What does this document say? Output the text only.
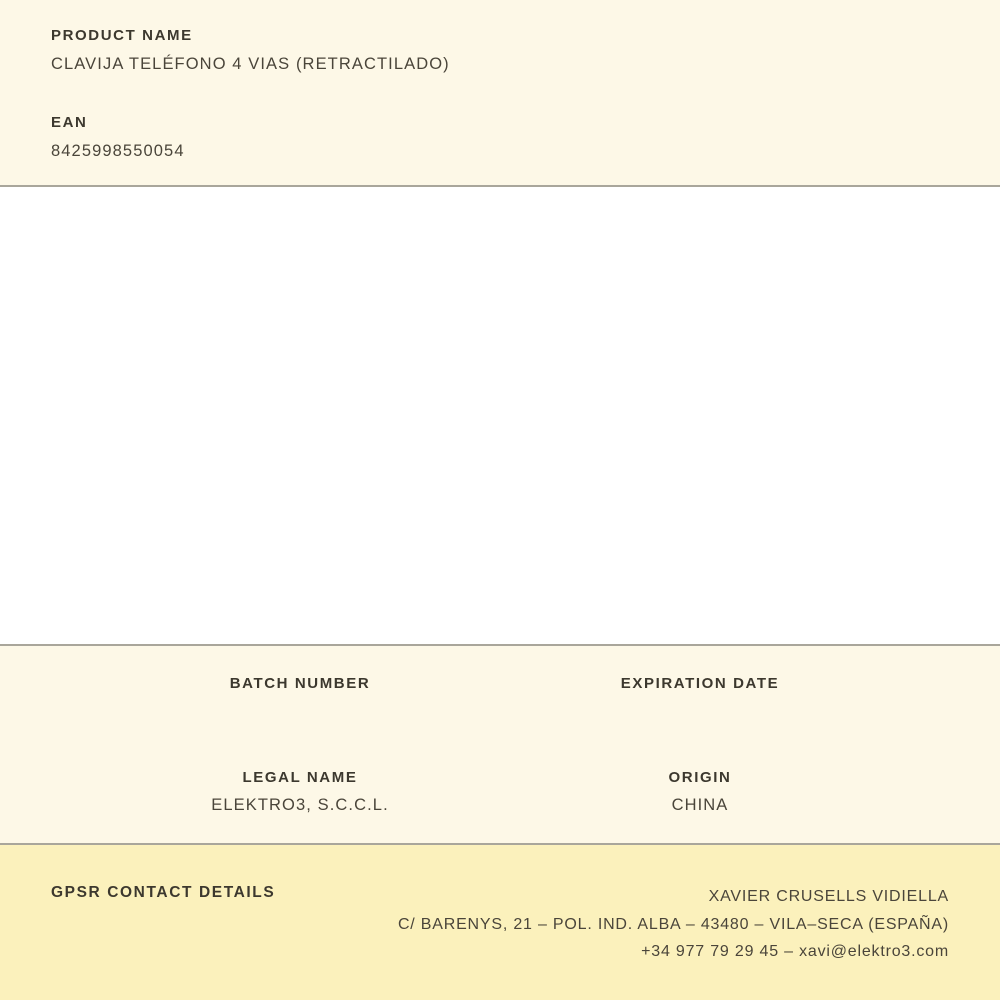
PRODUCT NAME
CLAVIJA TELÉFONO 4 VIAS (RETRACTILADO)
EAN
8425998550054
BATCH NUMBER	EXPIRATION DATE
LEGAL NAME
ELEKTRO3, S.C.C.L.
ORIGIN
CHINA
GPSR CONTACT DETAILS	XAVIER CRUSELLS VIDIELLA
C/ BARENYS, 21 – POL. IND. ALBA – 43480 – VILA–SECA (ESPAÑA)
+34 977 79 29 45 – xavi@elektro3.com
